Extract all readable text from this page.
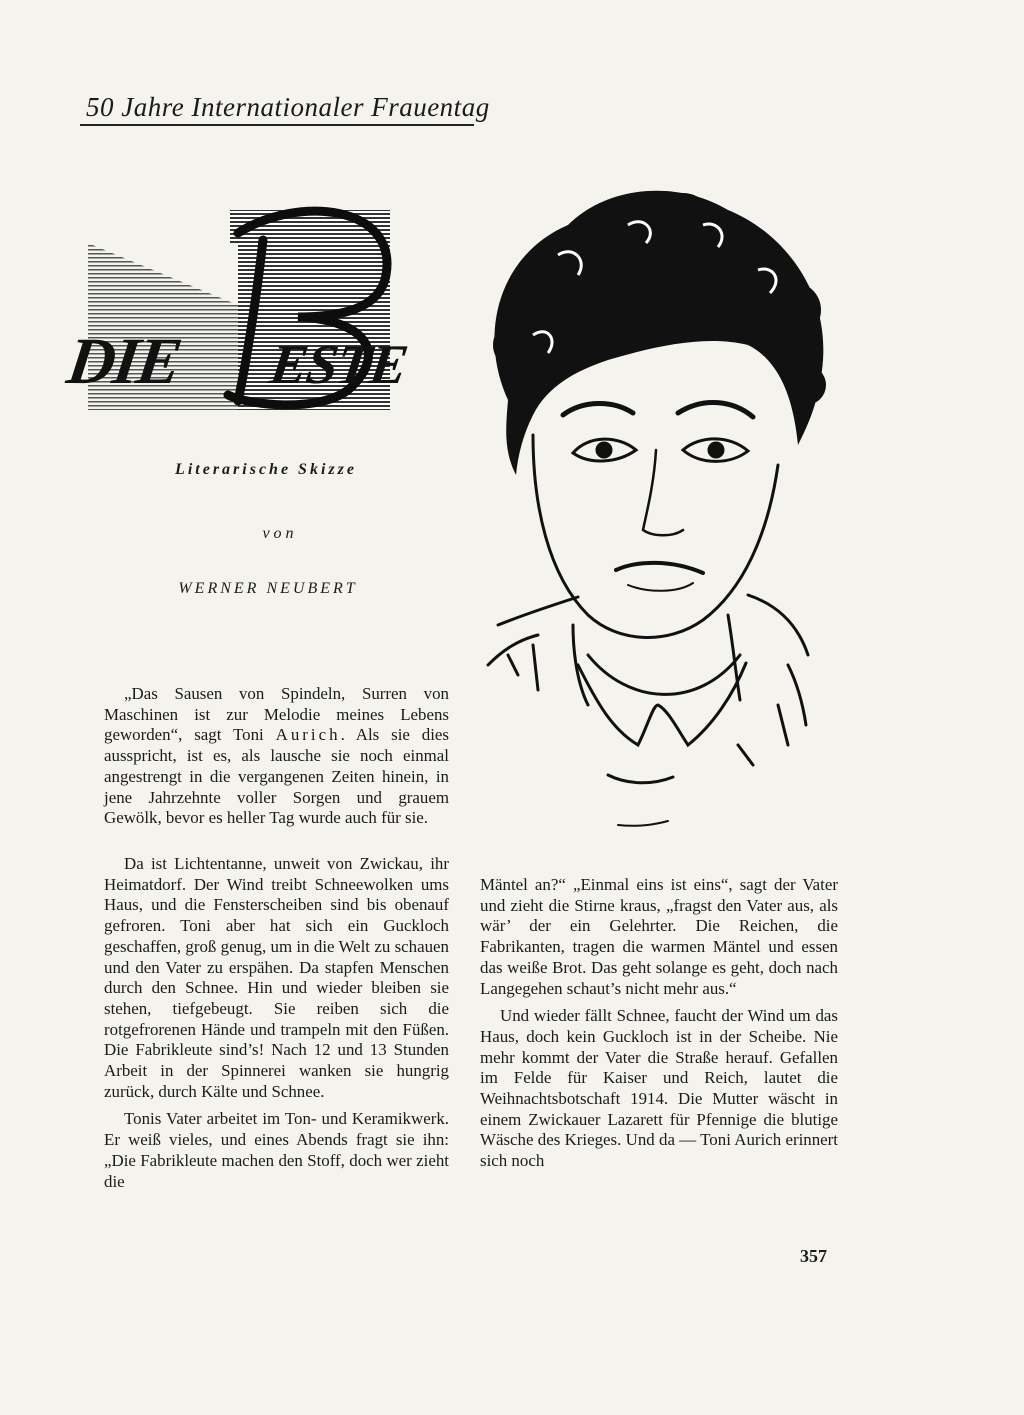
50 Jahre Internationaler Frauentag
DIE ESTE
Literarische Skizze
von
WERNER NEUBERT

„Das Sausen von Spindeln, Surren von Maschinen ist zur Melodie meines Lebens geworden“, sagt Toni Aurich. Als sie dies ausspricht, ist es, als lausche sie noch einmal angestrengt in die vergangenen Zeiten hinein, in jene Jahrzehnte voller Sorgen und grauem Gewölk, bevor es heller Tag wurde auch für sie.

Da ist Lichtentanne, unweit von Zwickau, ihr Heimatdorf. Der Wind treibt Schneewolken ums Haus, und die Fensterscheiben sind bis obenauf gefroren. Toni aber hat sich ein Guckloch geschaffen, groß genug, um in die Welt zu schauen und den Vater zu erspähen. Da stapfen Menschen durch den Schnee. Hin und wieder bleiben sie stehen, tiefgebeugt. Sie reiben sich die rotgefrorenen Hände und trampeln mit den Füßen. Die Fabrikleute sind’s! Nach 12 und 13 Stunden Arbeit in der Spinnerei wanken sie hungrig zurück, durch Kälte und Schnee.

Tonis Vater arbeitet im Ton- und Keramikwerk. Er weiß vieles, und eines Abends fragt sie ihn: „Die Fabrikleute machen den Stoff, doch wer zieht die

Mäntel an?“ „Einmal eins ist eins“, sagt der Vater und zieht die Stirne kraus, „fragst den Vater aus, als wär’ der ein Gelehrter. Die Reichen, die Fabrikanten, tragen die warmen Mäntel und essen das weiße Brot. Das geht solange es geht, doch nach Langegehen schaut’s nicht mehr aus.“

Und wieder fällt Schnee, faucht der Wind um das Haus, doch kein Guckloch ist in der Scheibe. Nie mehr kommt der Vater die Straße herauf. Gefallen im Felde für Kaiser und Reich, lautet die Weihnachtsbotschaft 1914. Die Mutter wäscht in einem Zwickauer Lazarett für Pfennige die blutige Wäsche des Krieges. Und da — Toni Aurich erinnert sich noch

357
